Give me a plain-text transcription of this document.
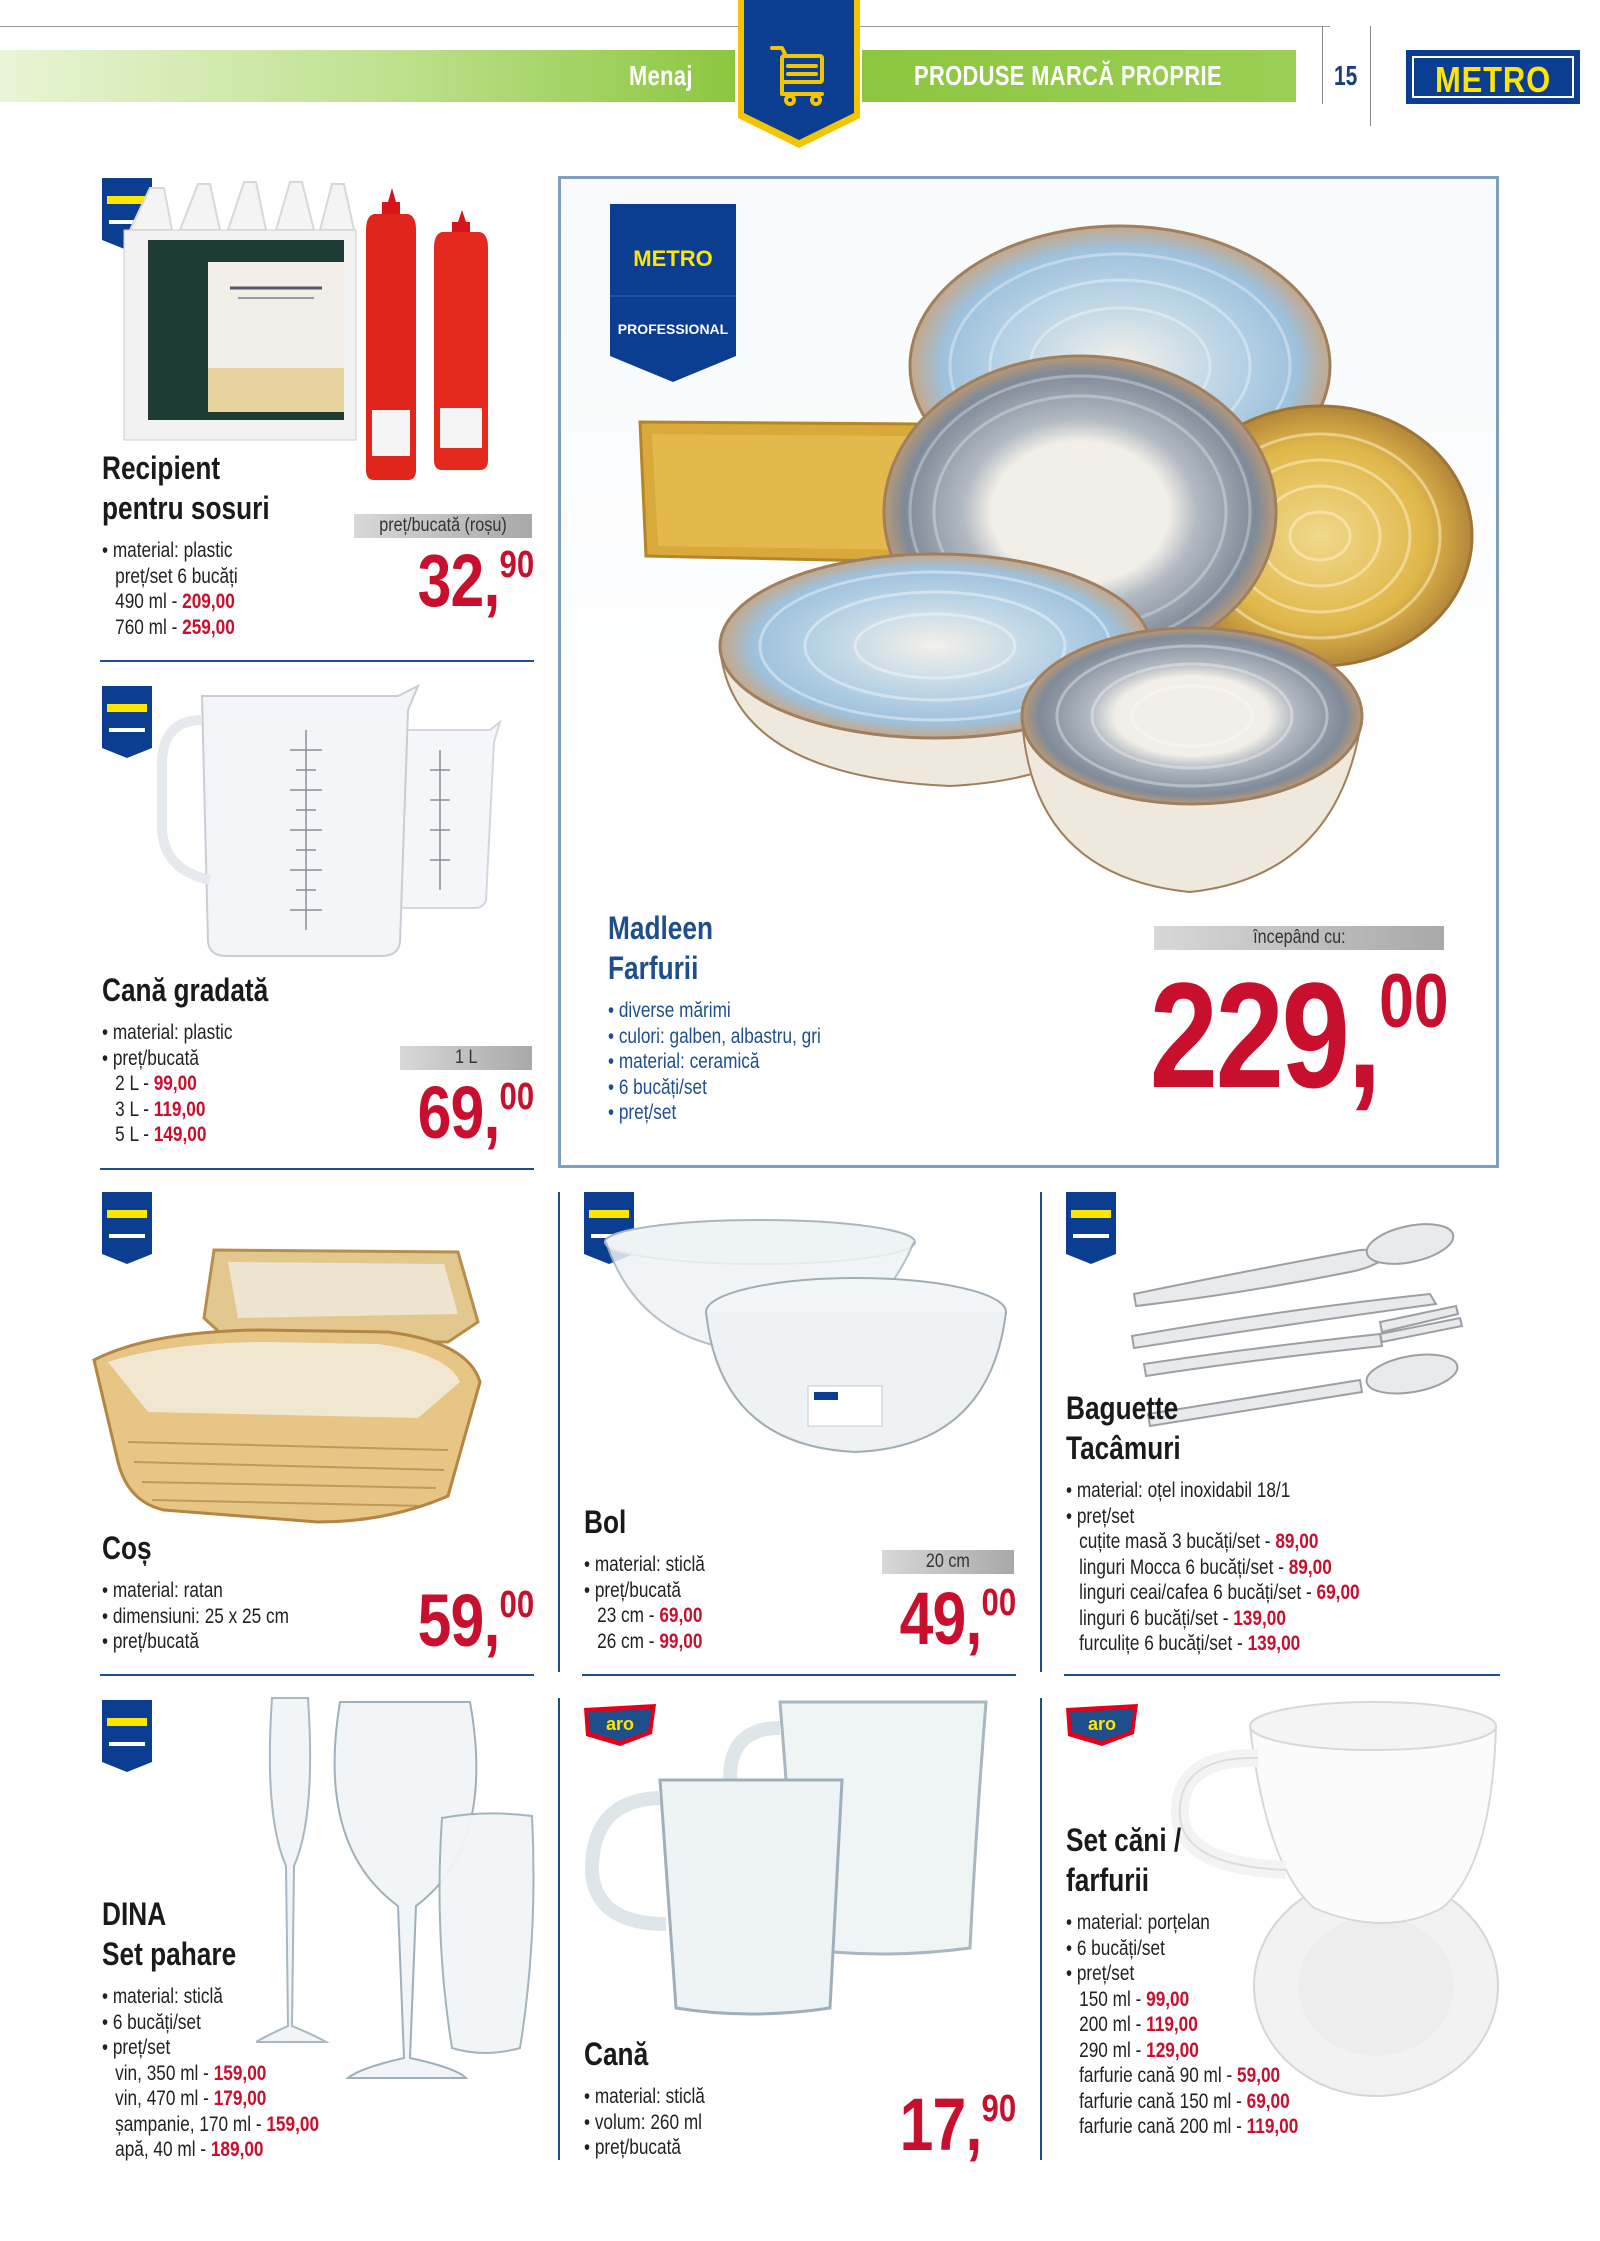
Menaj	PRODUSE MARCĂ PROPRIE	15	METRO
aro	aro
Recipient
pentru sosuri
• material: plastic
preț/set 6 bucăți
490 ml - 209,00
760 ml - 259,00
preț/bucată (roșu)
32,90
Cană gradată
• material: plastic
• preț/bucată
2 L - 99,00
3 L - 119,00
5 L - 149,00
1 L
69,00
METRO
PROFESSIONAL
Madleen
Farfurii
• diverse mărimi
• culori: galben, albastru, gri
• material: ceramică
• 6 bucăți/set
• preț/set
începând cu:
229,00
Coș
• material: ratan
• dimensiuni: 25 x 25 cm
• preț/bucată	59,00
Bol
• material: sticlă
• preț/bucată
23 cm - 69,00
26 cm - 99,00
20 cm
49,00
Baguette
Tacâmuri
• material: oțel inoxidabil 18/1
• preț/set
cuțite masă 3 bucăți/set - 89,00
linguri Mocca 6 bucăți/set - 89,00
linguri ceai/cafea 6 bucăți/set - 69,00
linguri 6 bucăți/set - 139,00
furculițe 6 bucăți/set - 139,00
DINA
Set pahare
• material: sticlă
• 6 bucăți/set
• preț/set
vin, 350 ml - 159,00
vin, 470 ml - 179,00
șampanie, 170 ml - 159,00
apă, 40 ml - 189,00
Cană
• material: sticlă
• volum: 260 ml
• preț/bucată	17,90
Set căni /
farfurii
• material: porțelan
• 6 bucăți/set
• preț/set
150 ml - 99,00
200 ml - 119,00
290 ml - 129,00
farfurie cană 90 ml - 59,00
farfurie cană 150 ml - 69,00
farfurie cană 200 ml - 119,00
